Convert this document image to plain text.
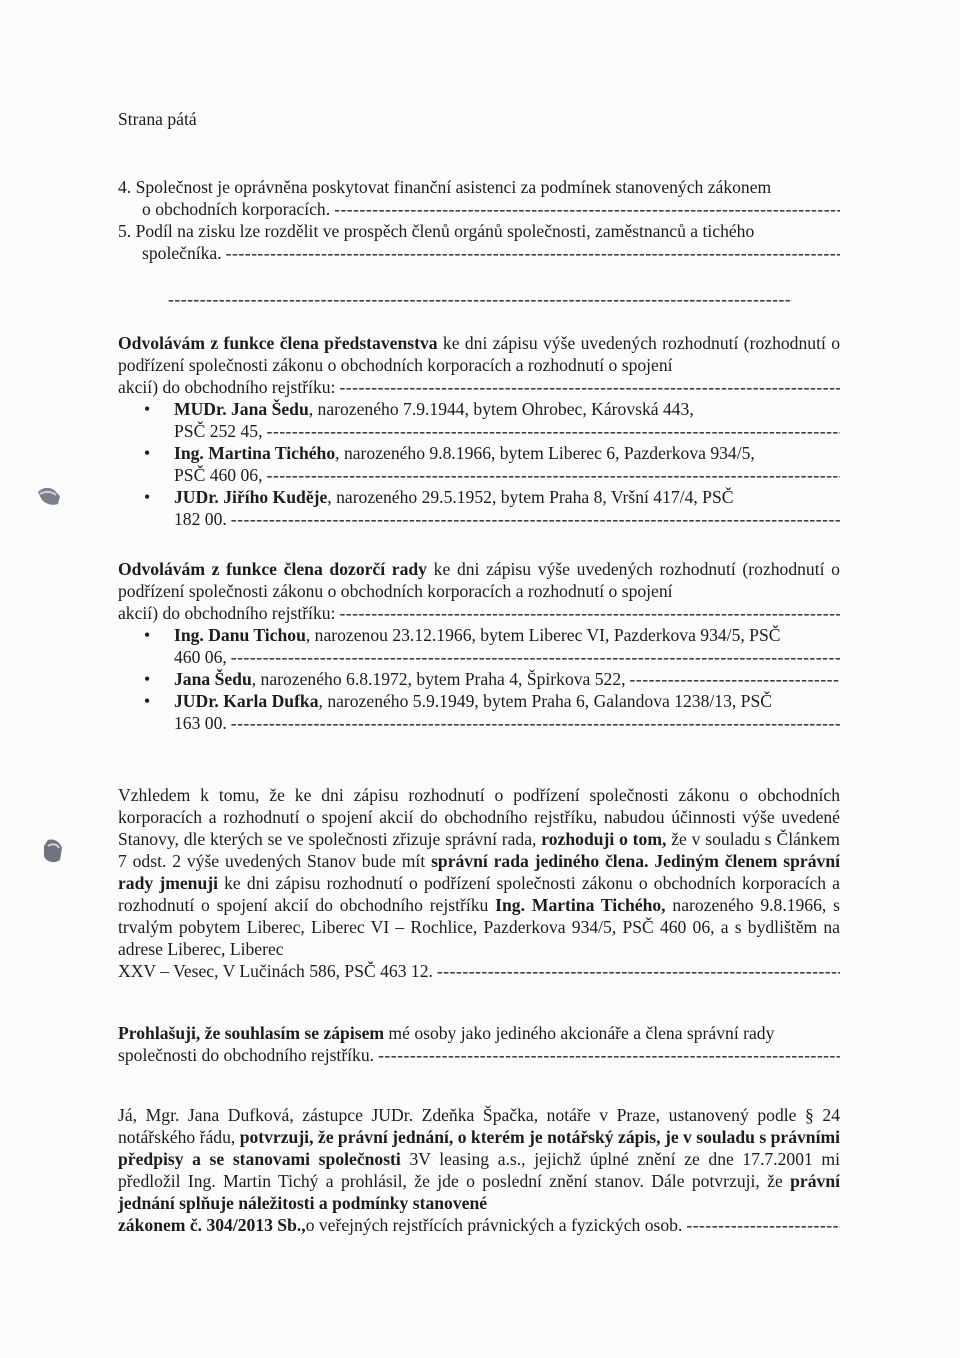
Strana pátá
4. Společnost je oprávněna poskytovat finanční asistenci za podmínek stanovených zákonem
o obchodních korporacích.
-----
5. Podíl na zisku lze rozdělit ve prospěch členů orgánů společnosti, zaměstnanců a tichého
společníka.
-----
-----

Odvolávám z funkce člena představenstva ke dni zápisu výše uvedených rozhodnutí (rozhodnutí o podřízení společnosti zákonu o obchodních korporacích a rozhodnutí o spojení

akcií) do obchodního rejstříku:
-----
• MUDr. Jana Šedu, narozeného 7.9.1944, bytem Ohrobec, Károvská 443,

PSČ 252 45,
-----
• Ing. Martina Tichého, narozeného 9.8.1966, bytem Liberec 6, Pazderkova 934/5,

PSČ 460 06,
-----
• JUDr. Jiřího Kuděje, narozeného 29.5.1952, bytem Praha 8, Vršní 417/4, PSČ

182 00.
-----

Odvolávám z funkce člena dozorčí rady ke dni zápisu výše uvedených rozhodnutí (rozhodnutí o podřízení společnosti zákonu o obchodních korporacích a rozhodnutí o spojení

akcií) do obchodního rejstříku:
-----
• Ing. Danu Tichou, narozenou 23.12.1966, bytem Liberec VI, Pazderkova 934/5, PSČ

460 06,
-----
• Jana Šedu , narozeného 6.8.1972, bytem Praha 4, Špirkova 522,
-----
• JUDr. Karla Dufka, narozeného 5.9.1949, bytem Praha 6, Galandova 1238/13, PSČ

163 00.
-----

Vzhledem k tomu, že ke dni zápisu rozhodnutí o podřízení společnosti zákonu o obchodních korporacích a rozhodnutí o spojení akcií do obchodního rejstříku, nabudou účinnosti výše uvedené Stanovy, dle kterých se ve společnosti zřizuje správní rada, rozhoduji o tom, že v souladu s Článkem 7 odst. 2 výše uvedených Stanov bude mít správní rada jediného člena. Jediným členem správní rady jmenuji ke dni zápisu rozhodnutí o podřízení společnosti zákonu o obchodních korporacích a rozhodnutí o spojení akcií do obchodního rejstříku Ing. Martina Tichého, narozeného 9.8.1966, s trvalým pobytem Liberec, Liberec VI – Rochlice, Pazderkova 934/5, PSČ 460 06, a s bydlištěm na adrese Liberec, Liberec

XXV – Vesec, V Lučinách 586, PSČ 463 12.
-----

Prohlašuji, že souhlasím se zápisem mé osoby jako jediného akcionáře a člena správní rady

společnosti do obchodního rejstříku.
-----

Já, Mgr. Jana Dufková, zástupce JUDr. Zdeňka Špačka, notáře v Praze, ustanovený podle § 24 notářského řádu, potvrzuji, že právní jednání, o kterém je notářský zápis, je v souladu s právními předpisy a se stanovami společnosti 3V leasing a.s., jejichž úplné znění ze dne 17.7.2001 mi předložil Ing. Martin Tichý a prohlásil, že jde o poslední znění stanov. Dále potvrzuji, že právní jednání splňuje náležitosti a podmínky stanovené

zákonem č. 304/2013 Sb., o veřejných rejstřících právnických a fyzických osob.
-----
